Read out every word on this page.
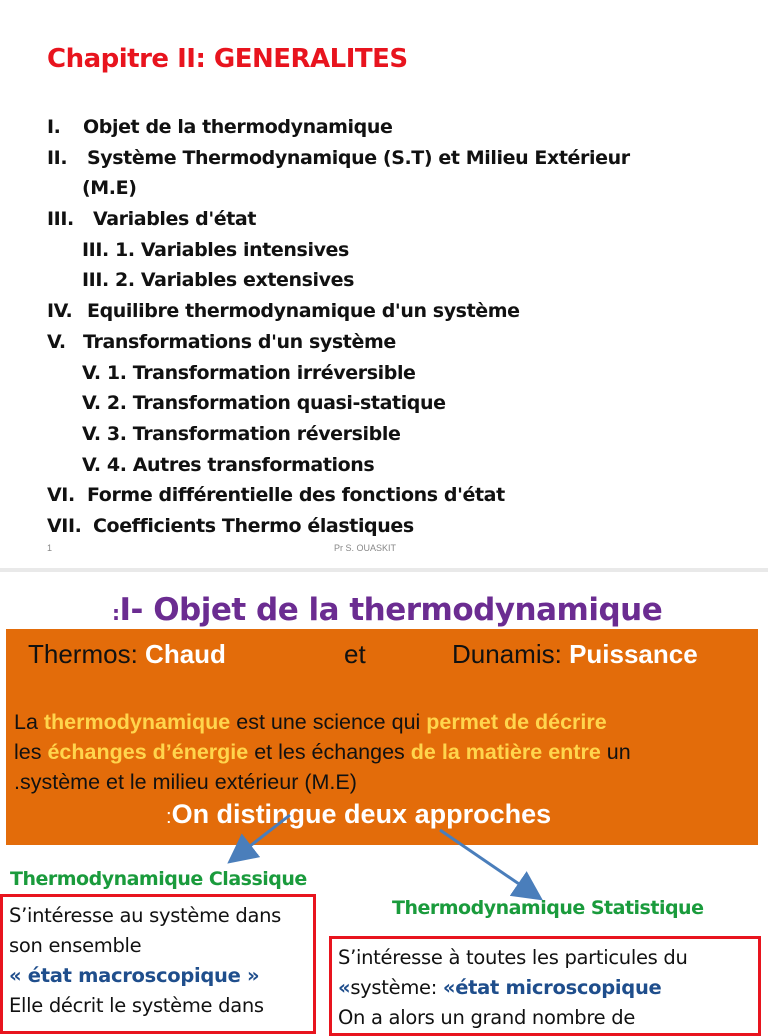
Chapitre II: GENERALITES
I. Objet de la thermodynamique
II. Système Thermodynamique (S.T) et Milieu Extérieur
(M.E)
III. Variables d'état
III. 1. Variables intensives
III. 2. Variables extensives
IV. Equilibre thermodynamique d'un système
V. Transformations d'un système
V. 1. Transformation irréversible
V. 2. Transformation quasi-statique
V. 3. Transformation réversible
V. 4. Autres transformations
VI. Forme différentielle des fonctions d'état
VII. Coefficients Thermo élastiques
1	Pr S. OUASKIT
:I- Objet de la thermodynamique
Thermos: Chaud	et	Dunamis: Puissance
La thermodynamique est une science qui permet de décrire
les échanges d’énergie et les échanges de la matière entre un
.système et le milieu extérieur (M.E)
:On distingue deux approches
Thermodynamique Classique
Thermodynamique Statistique
S’intéresse au système dans
son ensemble
« état macroscopique »
Elle décrit le système dans
S’intéresse à toutes les particules du
«système: «état microscopique
On a alors un grand nombre de
